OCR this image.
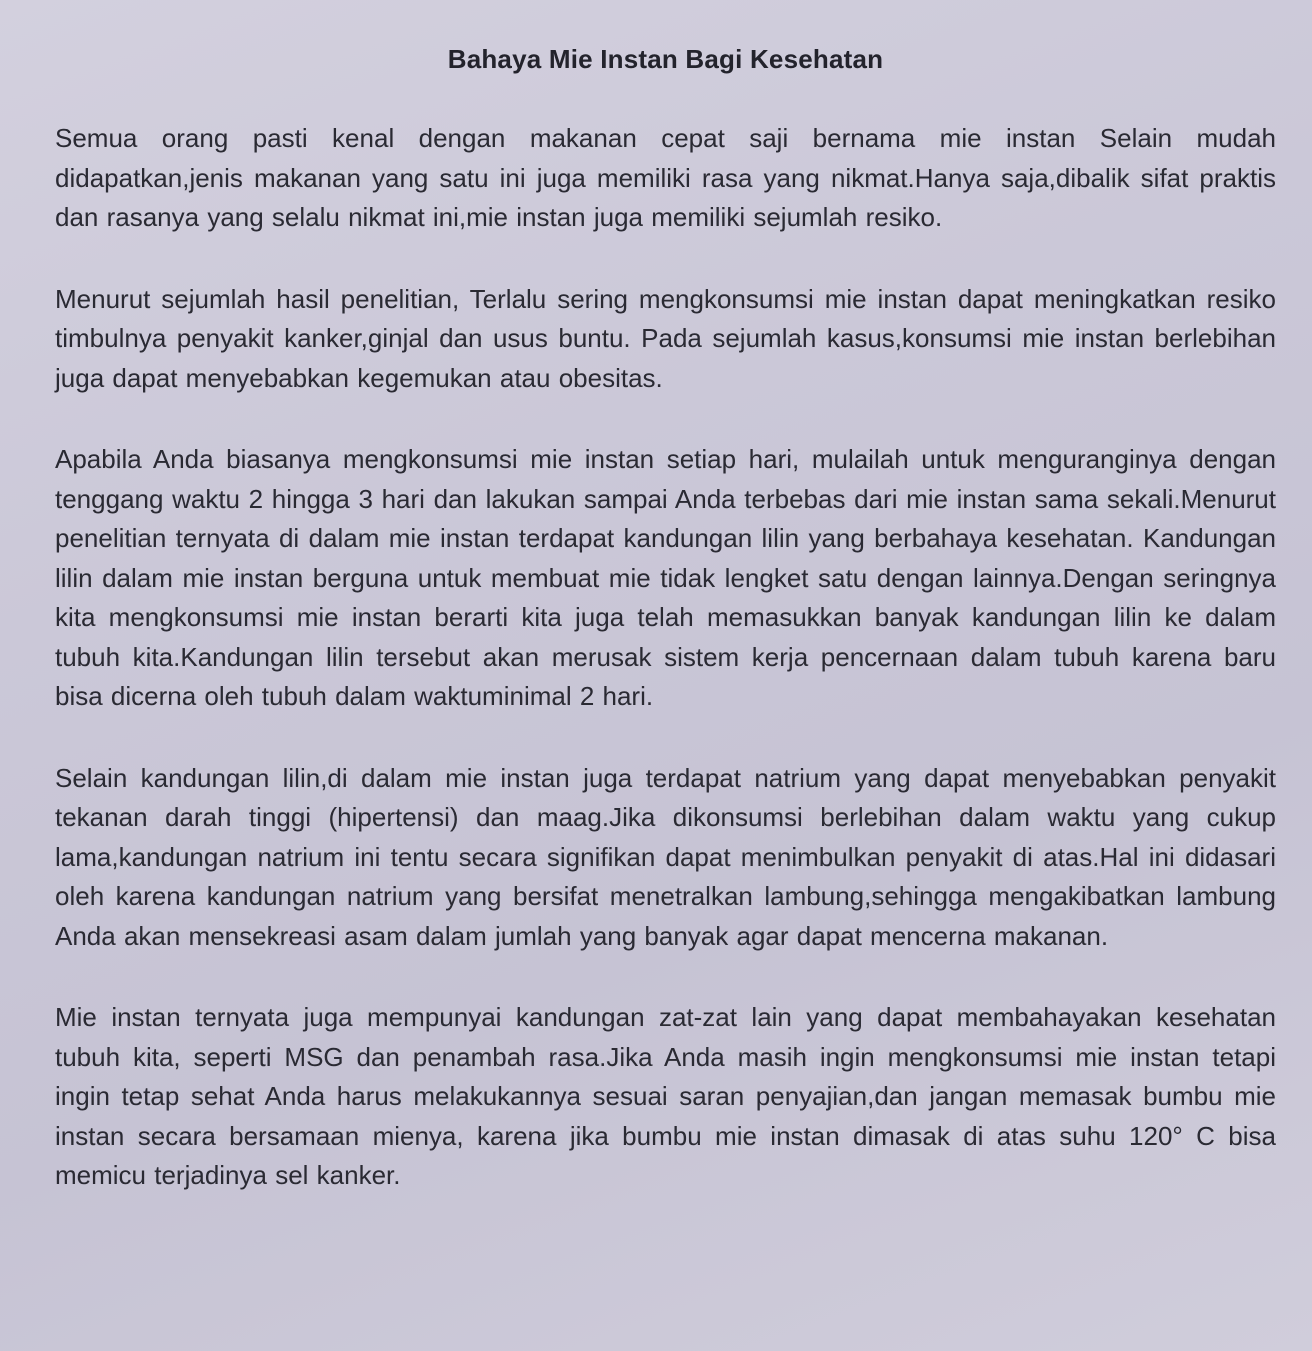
Bahaya Mie Instan Bagi Kesehatan

Semua orang pasti kenal dengan makanan cepat saji bernama mie instan Selain mudah didapatkan,jenis makanan yang satu ini juga memiliki rasa yang nikmat.Hanya saja,dibalik sifat praktis dan rasanya yang selalu nikmat ini,mie instan juga memiliki sejumlah resiko.

Menurut sejumlah hasil penelitian, Terlalu sering mengkonsumsi mie instan dapat meningkatkan resiko timbulnya penyakit kanker,ginjal dan usus buntu. Pada sejumlah kasus,konsumsi mie instan berlebihan juga dapat menyebabkan kegemukan atau obesitas.

Apabila Anda biasanya mengkonsumsi mie instan setiap hari, mulailah untuk menguranginya dengan tenggang waktu 2 hingga 3 hari dan lakukan sampai Anda terbebas dari mie instan sama sekali.Menurut penelitian ternyata di dalam mie instan terdapat kandungan lilin yang berbahaya kesehatan. Kandungan lilin dalam mie instan berguna untuk membuat mie tidak lengket satu dengan lainnya.Dengan seringnya kita mengkonsumsi mie instan berarti kita juga telah memasukkan banyak kandungan lilin ke dalam tubuh kita.Kandungan lilin tersebut akan merusak sistem kerja pencernaan dalam tubuh karena baru bisa dicerna oleh tubuh dalam waktuminimal 2 hari.

Selain kandungan lilin,di dalam mie instan juga terdapat natrium yang dapat menyebabkan penyakit tekanan darah tinggi (hipertensi) dan maag.Jika dikonsumsi berlebihan dalam waktu yang cukup lama,kandungan natrium ini tentu secara signifikan dapat menimbulkan penyakit di atas.Hal ini didasari oleh karena kandungan natrium yang bersifat menetralkan lambung,sehingga mengakibatkan lambung Anda akan mensekreasi asam dalam jumlah yang banyak agar dapat mencerna makanan.

Mie instan ternyata juga mempunyai kandungan zat-zat lain yang dapat membahayakan kesehatan tubuh kita, seperti MSG dan penambah rasa.Jika Anda masih ingin mengkonsumsi mie instan tetapi ingin tetap sehat Anda harus melakukannya sesuai saran penyajian,dan jangan memasak bumbu mie instan secara bersamaan mienya, karena jika bumbu mie instan dimasak di atas suhu 120° C bisa memicu terjadinya sel kanker.
